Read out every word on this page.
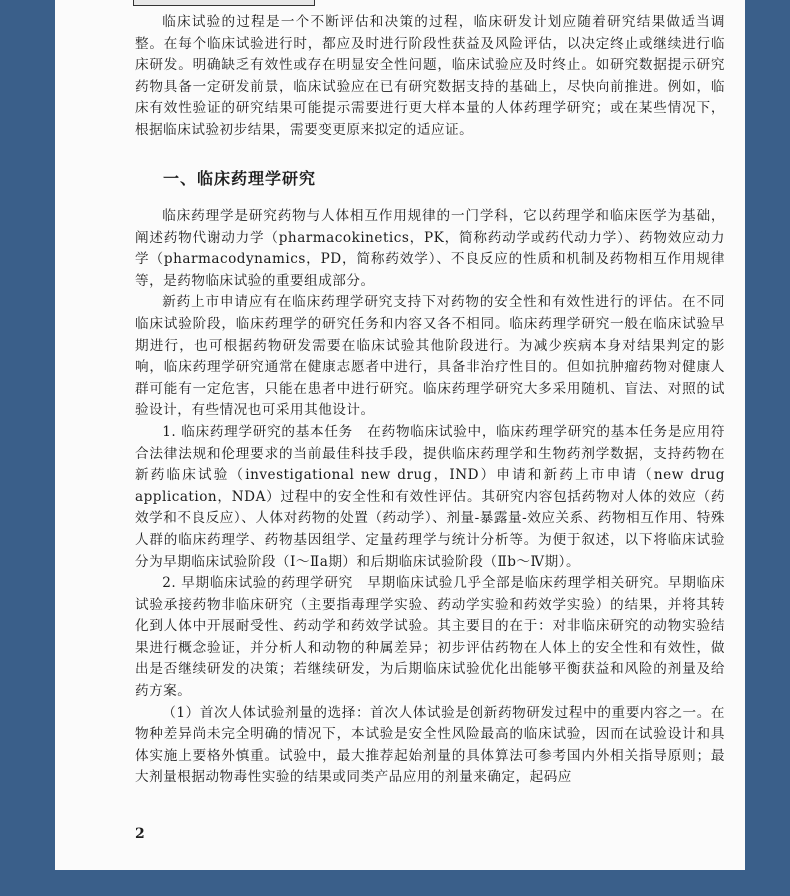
临床试验的过程是一个不断评估和决策的过程，临床研发计划应随着研究结果做适当调整。在每个临床试验进行时，都应及时进行阶段性获益及风险评估，以决定终止或继续进行临床研发。明确缺乏有效性或存在明显安全性问题，临床试验应及时终止。如研究数据提示研究药物具备一定研发前景，临床试验应在已有研究数据支持的基础上，尽快向前推进。例如，临床有效性验证的研究结果可能提示需要进行更大样本量的人体药理学研究；或在某些情况下，根据临床试验初步结果，需要变更原来拟定的适应证。

一、临床药理学研究

临床药理学是研究药物与人体相互作用规律的一门学科，它以药理学和临床医学为基础，阐述药物代谢动力学（pharmacokinetics，PK，简称药动学或药代动力学）、药物效应动力学（pharmacodynamics，PD，简称药效学）、不良反应的性质和机制及药物相互作用规律等，是药物临床试验的重要组成部分。

新药上市申请应有在临床药理学研究支持下对药物的安全性和有效性进行的评估。在不同临床试验阶段，临床药理学的研究任务和内容又各不相同。临床药理学研究一般在临床试验早期进行，也可根据药物研发需要在临床试验其他阶段进行。为减少疾病本身对结果判定的影响，临床药理学研究通常在健康志愿者中进行，具备非治疗性目的。但如抗肿瘤药物对健康人群可能有一定危害，只能在患者中进行研究。临床药理学研究大多采用随机、盲法、对照的试验设计，有些情况也可采用其他设计。

1. 临床药理学研究的基本任务　在药物临床试验中，临床药理学研究的基本任务是应用符合法律法规和伦理要求的当前最佳科技手段，提供临床药理学和生物药剂学数据，支持药物在新药临床试验（investigational new drug，IND）申请和新药上市申请（new drug application，NDA）过程中的安全性和有效性评估。其研究内容包括药物对人体的效应（药效学和不良反应）、人体对药物的处置（药动学）、剂量-暴露量-效应关系、药物相互作用、特殊人群的临床药理学、药物基因组学、定量药理学与统计分析等。为便于叙述，以下将临床试验分为早期临床试验阶段（Ⅰ～Ⅱa期）和后期临床试验阶段（Ⅱb～Ⅳ期）。

2. 早期临床试验的药理学研究　早期临床试验几乎全部是临床药理学相关研究。早期临床试验承接药物非临床研究（主要指毒理学实验、药动学实验和药效学实验）的结果，并将其转化到人体中开展耐受性、药动学和药效学试验。其主要目的在于：对非临床研究的动物实验结果进行概念验证，并分析人和动物的种属差异；初步评估药物在人体上的安全性和有效性，做出是否继续研发的决策；若继续研发，为后期临床试验优化出能够平衡获益和风险的剂量及给药方案。

（1）首次人体试验剂量的选择：首次人体试验是创新药物研发过程中的重要内容之一。在物种差异尚未完全明确的情况下，本试验是安全性风险最高的临床试验，因而在试验设计和具体实施上要格外慎重。试验中，最大推荐起始剂量的具体算法可参考国内外相关指导原则；最大剂量根据动物毒性实验的结果或同类产品应用的剂量来确定，起码应

2
